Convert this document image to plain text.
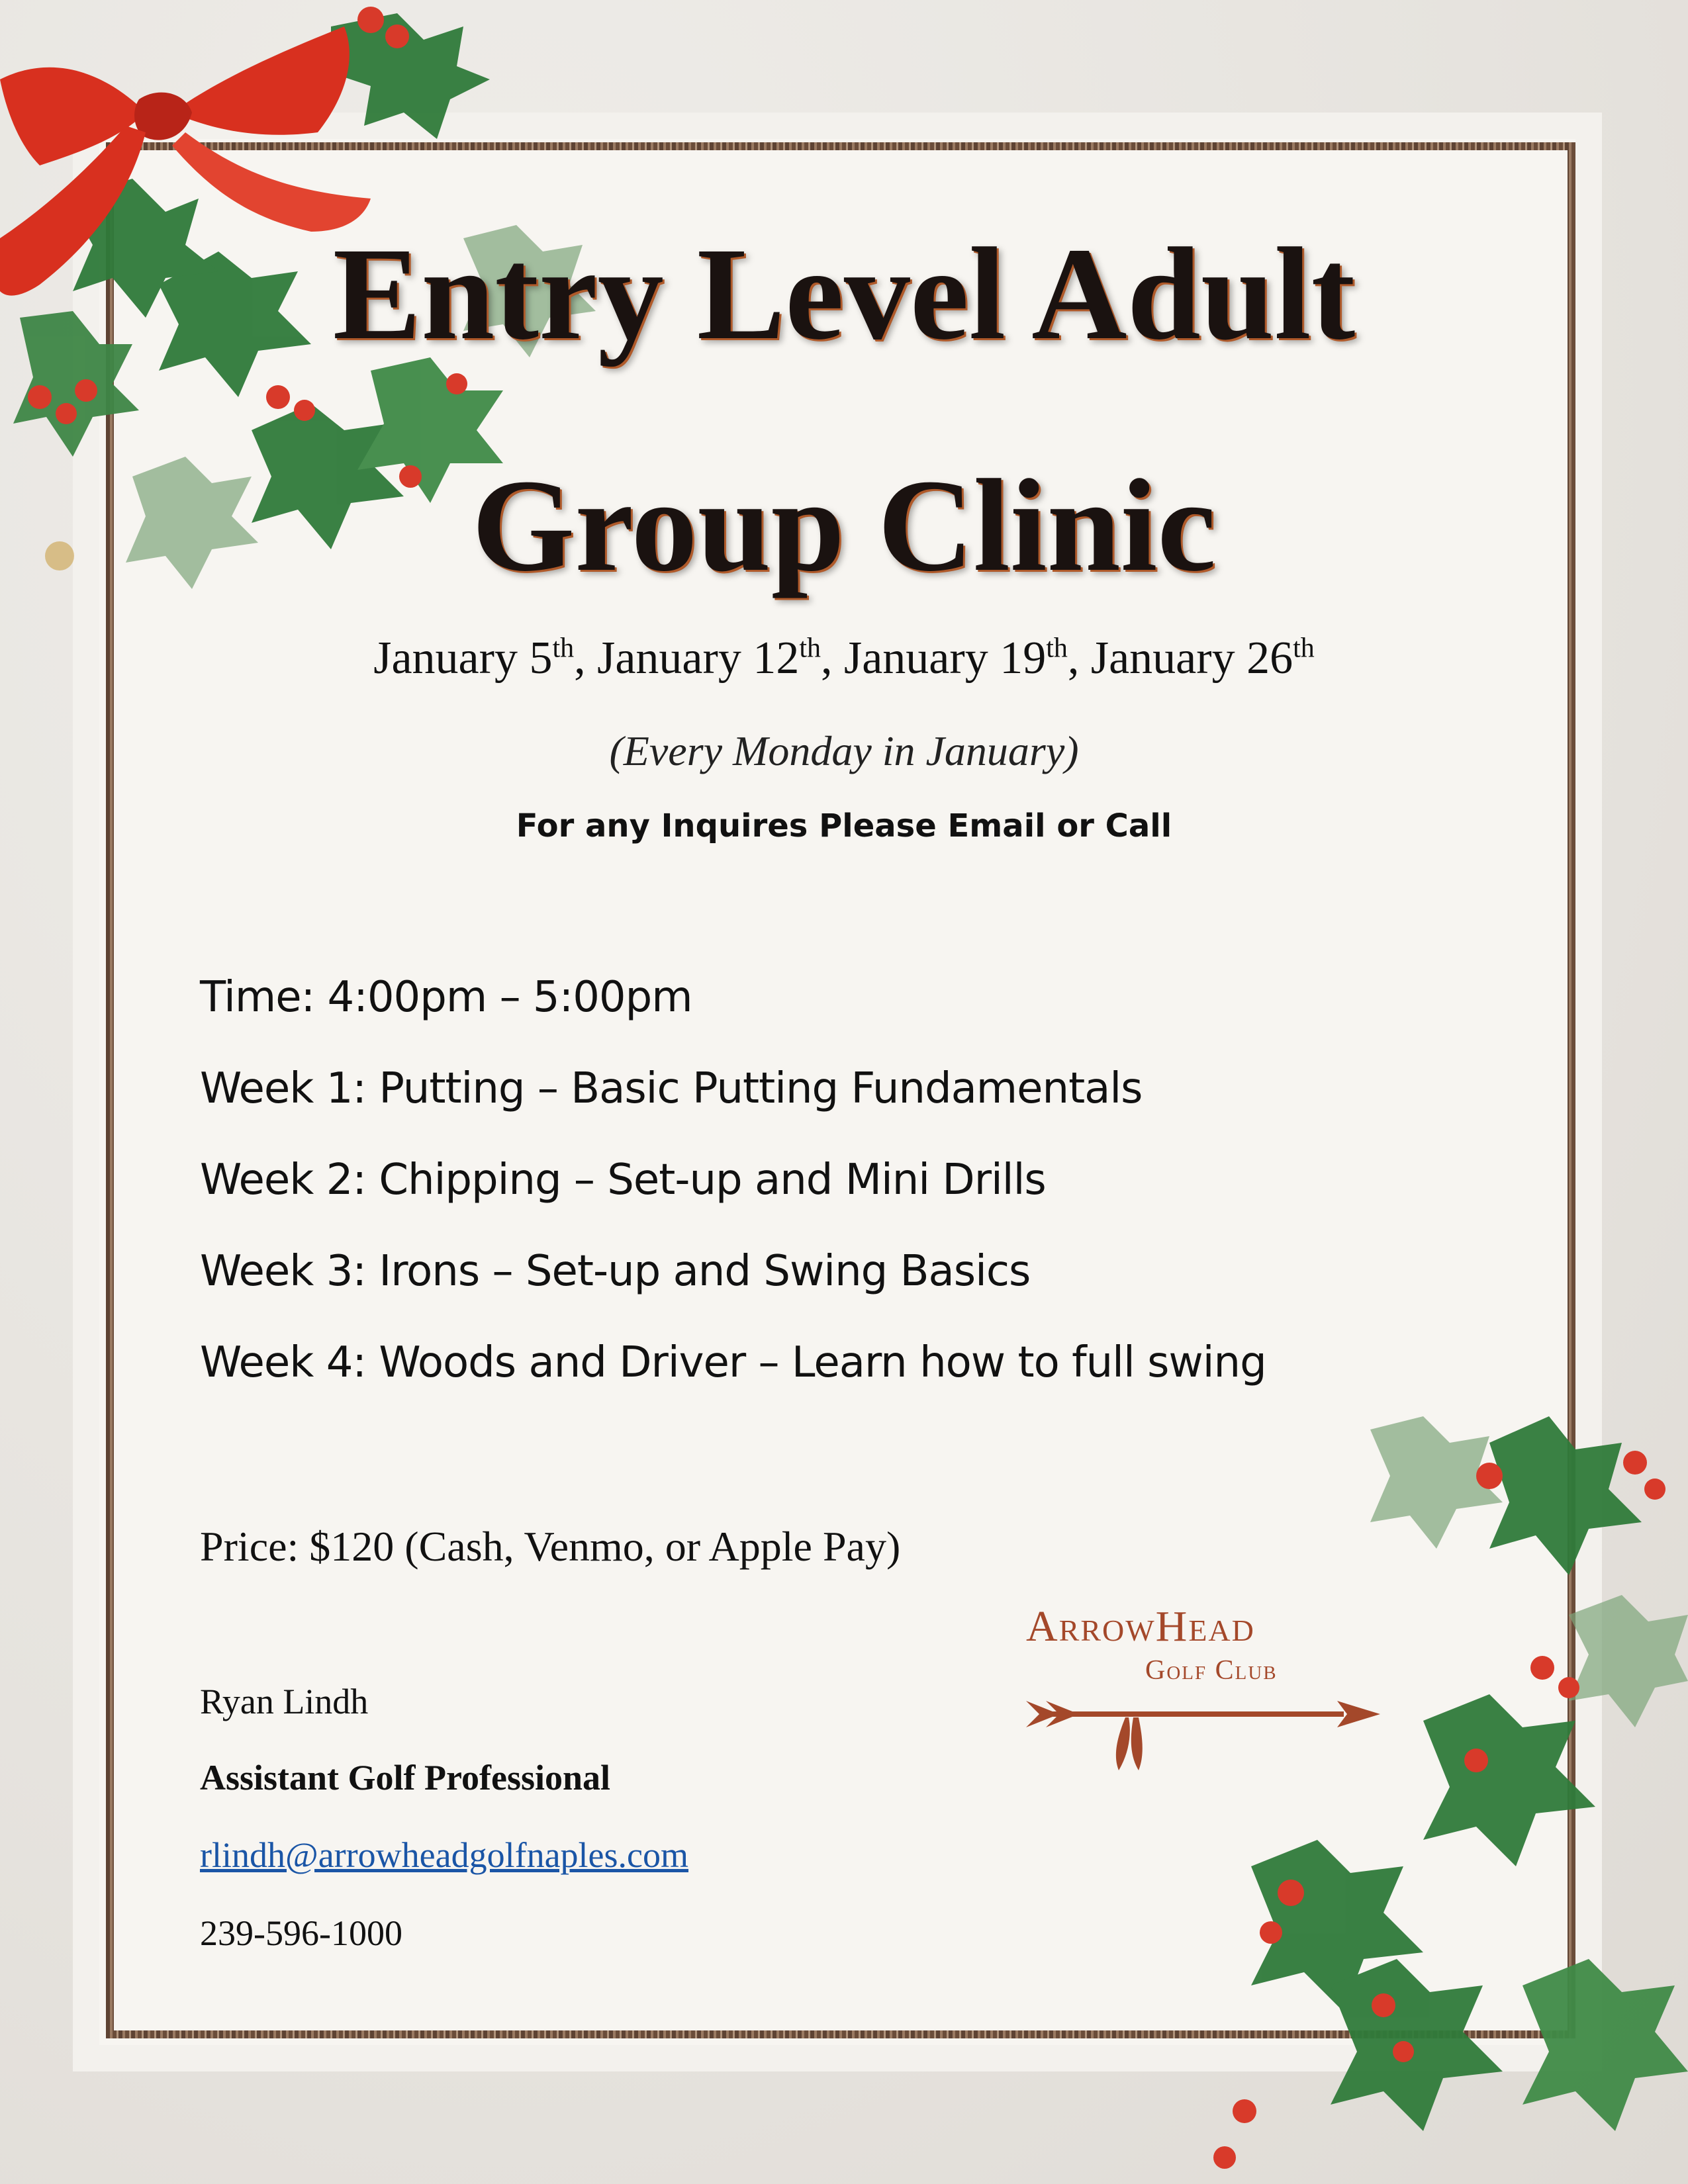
Entry Level Adult
Group Clinic
January 5th, January 12th, January 19th, January 26th
(Every Monday in January)
For any Inquires Please Email or Call
Time: 4:00pm – 5:00pm
Week 1: Putting – Basic Putting Fundamentals
Week 2: Chipping – Set-up and Mini Drills
Week 3: Irons – Set-up and Swing Basics
Week 4: Woods and Driver – Learn how to full swing
Price: $120 (Cash, Venmo, or Apple Pay)
Ryan Lindh
Assistant Golf Professional
rlindh@arrowheadgolfnaples.com
239-596-1000
ArrowHead
Golf Club
